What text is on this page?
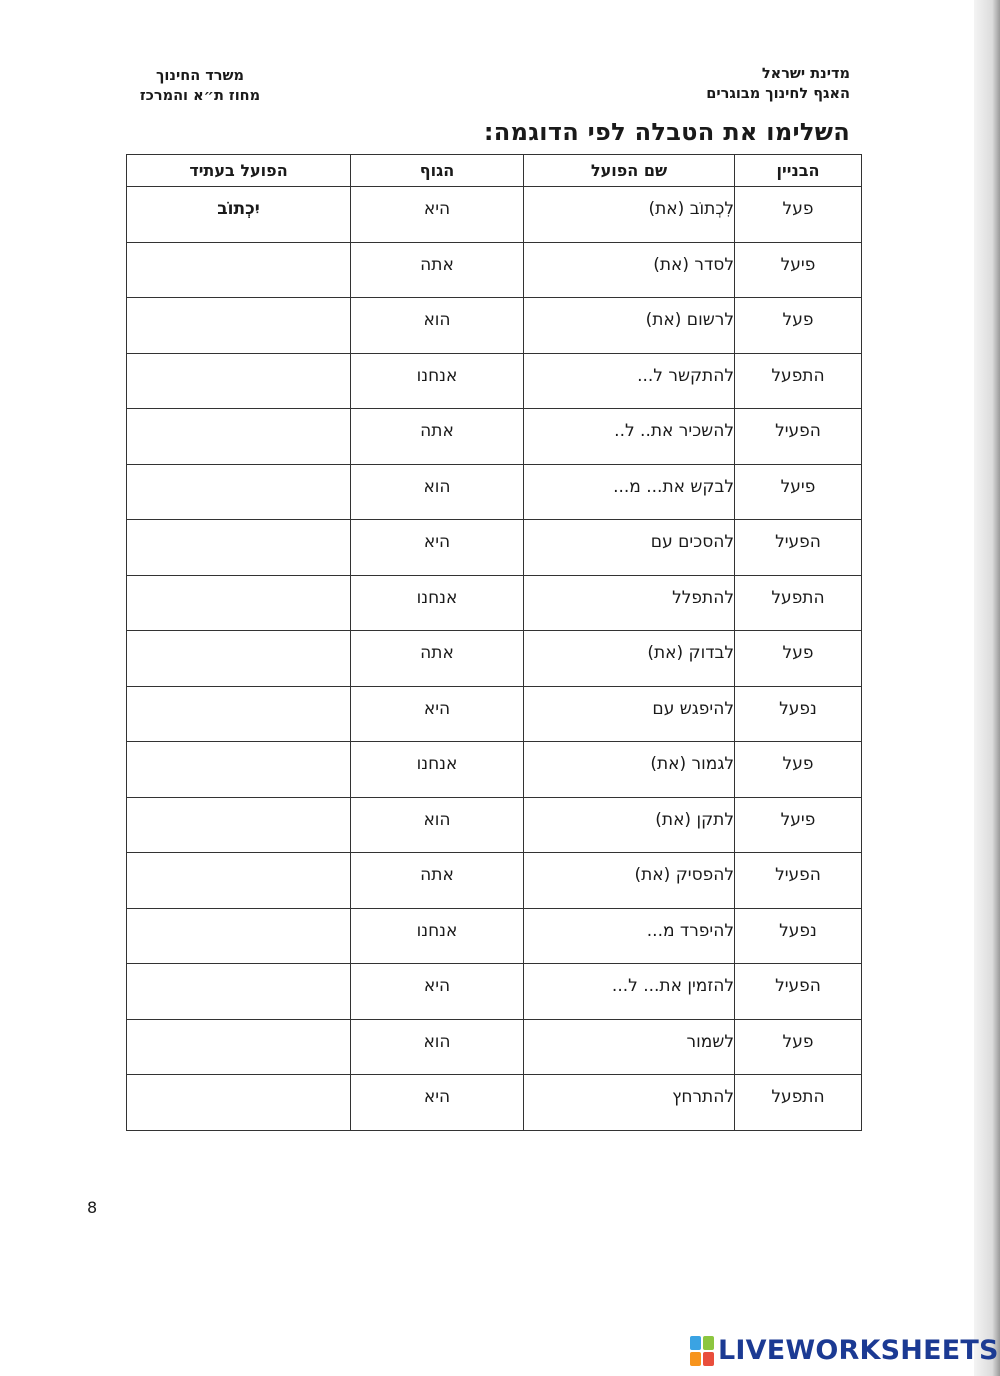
מדינת ישראל
האגף לחינוך מבוגרים
משרד החינוך
מחוז ת״א והמרכז
השלימו את הטבלה לפי הדוגמה:
הבניין	שם הפועל	הגוף	הפועל בעתיד

פעל	לִכְתוֹב (את)	היא	יִכְתוֹב

פיעל	לסדר (את)	אתה	

פעל	לרשום (את)	הוא	

התפעל	להתקשר ל...	אנחנו	

הפעיל	להשכיר את.. ל..	אתה	

פיעל	לבקש את... מ...	הוא	

הפעיל	להסכים עם	היא	

התפעל	להתפלל	אנחנו	

פעל	לבדוק (את)	אתה	

נפעל	להיפגש עם	היא	

פעל	לגמור (את)	אנחנו	

פיעל	לתקן (את)	הוא	

הפעיל	להפסיק (את)	אתה	

נפעל	להיפרד מ...	אנחנו	

הפעיל	להזמין את... ל...	היא	

פעל	לשמור	הוא	

התפעל	להתרחץ	היא	

8
LIVEWORKSHEETS
